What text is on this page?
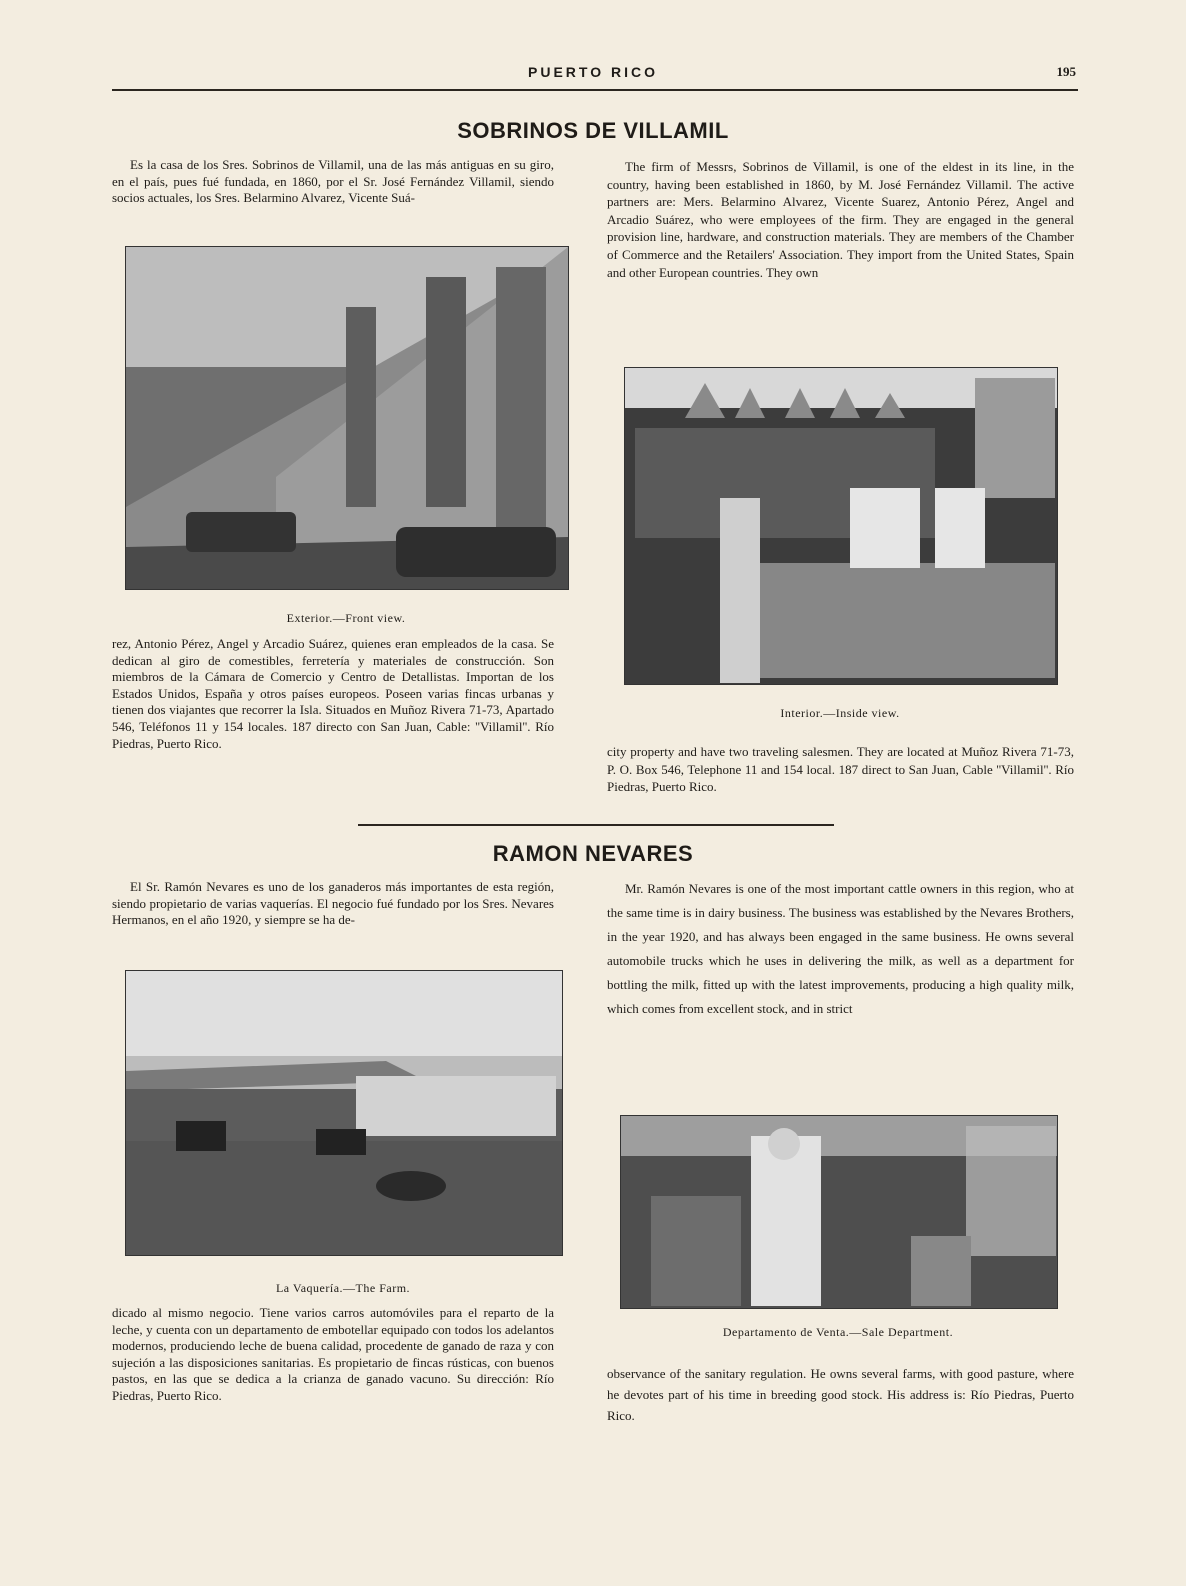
PUERTO RICO	195
SOBRINOS DE VILLAMIL

Es la casa de los Sres. Sobrinos de Villamil, una de las más antiguas en su giro, en el país, pues fué fundada, en 1860, por el Sr. José Fernández Villamil, siendo socios actuales, los Sres. Belarmino Alvarez, Vicente Suá-

Exterior.—Front view.

rez, Antonio Pérez, Angel y Arcadio Suárez, quienes eran empleados de la casa. Se dedican al giro de comestibles, ferretería y materiales de construcción. Son miembros de la Cámara de Comercio y Centro de Detallistas. Importan de los Estados Unidos, España y otros países europeos. Poseen varias fincas urbanas y tienen dos viajantes que recorrer la Isla. Situados en Muñoz Rivera 71-73, Apartado 546, Teléfonos 11 y 154 locales. 187 directo con San Juan, Cable: ''Villamil''. Río Piedras, Puerto Rico.

The firm of Messrs, Sobrinos de Villamil, is one of the eldest in its line, in the country, having been established in 1860, by M. José Fernández Villamil. The active partners are: Mers. Belarmino Alvarez, Vicente Suarez, Antonio Pérez, Angel and Arcadio Suárez, who were employees of the firm. They are engaged in the general provision line, hardware, and construction materials. They are members of the Chamber of Commerce and the Retailers' Association. They import from the United States, Spain and other European countries. They own

Interior.—Inside view.

city property and have two traveling salesmen. They are located at Muñoz Rivera 71-73, P. O. Box 546, Telephone 11 and 154 local. 187 direct to San Juan, Cable ''Villamil''. Río Piedras, Puerto Rico.

RAMON NEVARES

El Sr. Ramón Nevares es uno de los ganaderos más importantes de esta región, siendo propietario de varias vaquerías. El negocio fué fundado por los Sres. Nevares Hermanos, en el año 1920, y siempre se ha de-

La Vaquería.—The Farm.

dicado al mismo negocio. Tiene varios carros automóviles para el reparto de la leche, y cuenta con un departamento de embotellar equipado con todos los adelantos modernos, produciendo leche de buena calidad, procedente de ganado de raza y con sujeción a las disposiciones sanitarias. Es propietario de fincas rústicas, con buenos pastos, en las que se dedica a la crianza de ganado vacuno. Su dirección: Río Piedras, Puerto Rico.

Mr. Ramón Nevares is one of the most important cattle owners in this region, who at the same time is in dairy business. The business was established by the Nevares Brothers, in the year 1920, and has always been engaged in the same business. He owns several automobile trucks which he uses in delivering the milk, as well as a department for bottling the milk, fitted up with the latest improvements, producing a high quality milk, which comes from excellent stock, and in strict

Departamento de Venta.—Sale Department.

observance of the sanitary regulation. He owns several farms, with good pasture, where he devotes part of his time in breeding good stock. His address is: Río Piedras, Puerto Rico.
